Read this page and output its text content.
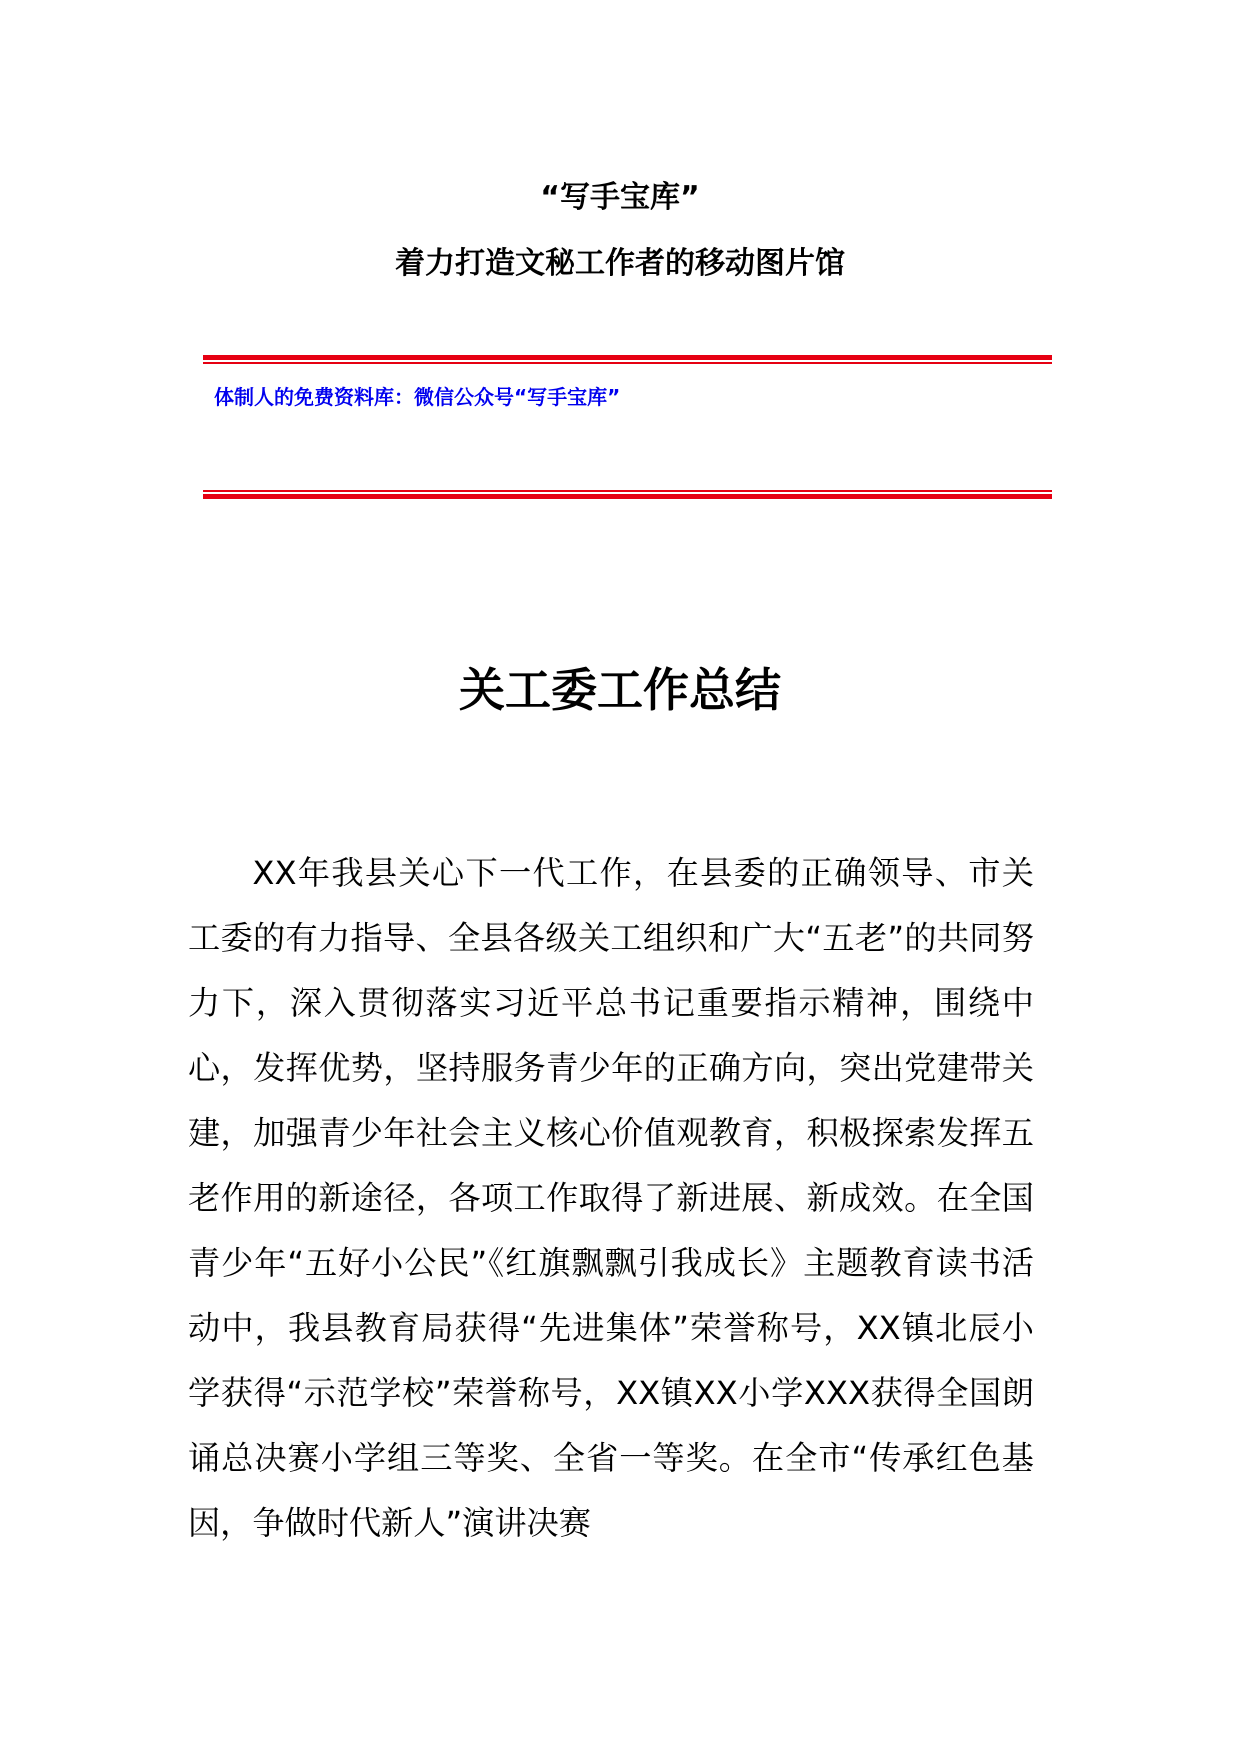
“写手宝库”
着力打造文秘工作者的移动图片馆

体制人的免费资料库：微信公众号“写手宝库”

关工委工作总结

XX年我县关心下一代工作，在县委的正确领导、市关工委的有力指导、全县各级关工组织和广大“五老”的共同努力下，深入贯彻落实习近平总书记重要指示精神，围绕中心，发挥优势，坚持服务青少年的正确方向，突出党建带关建，加强青少年社会主义核心价值观教育，积极探索发挥五老作用的新途径，各项工作取得了新进展、新成效。在全国青少年“五好小公民”《红旗飘飘引我成长》主题教育读书活动中，我县教育局获得“先进集体”荣誉称号，XX镇北辰小学获得“示范学校”荣誉称号，XX镇XX小学XXX获得全国朗诵总决赛小学组三等奖、全省一等奖。在全市“传承红色基因，争做时代新人”演讲决赛
